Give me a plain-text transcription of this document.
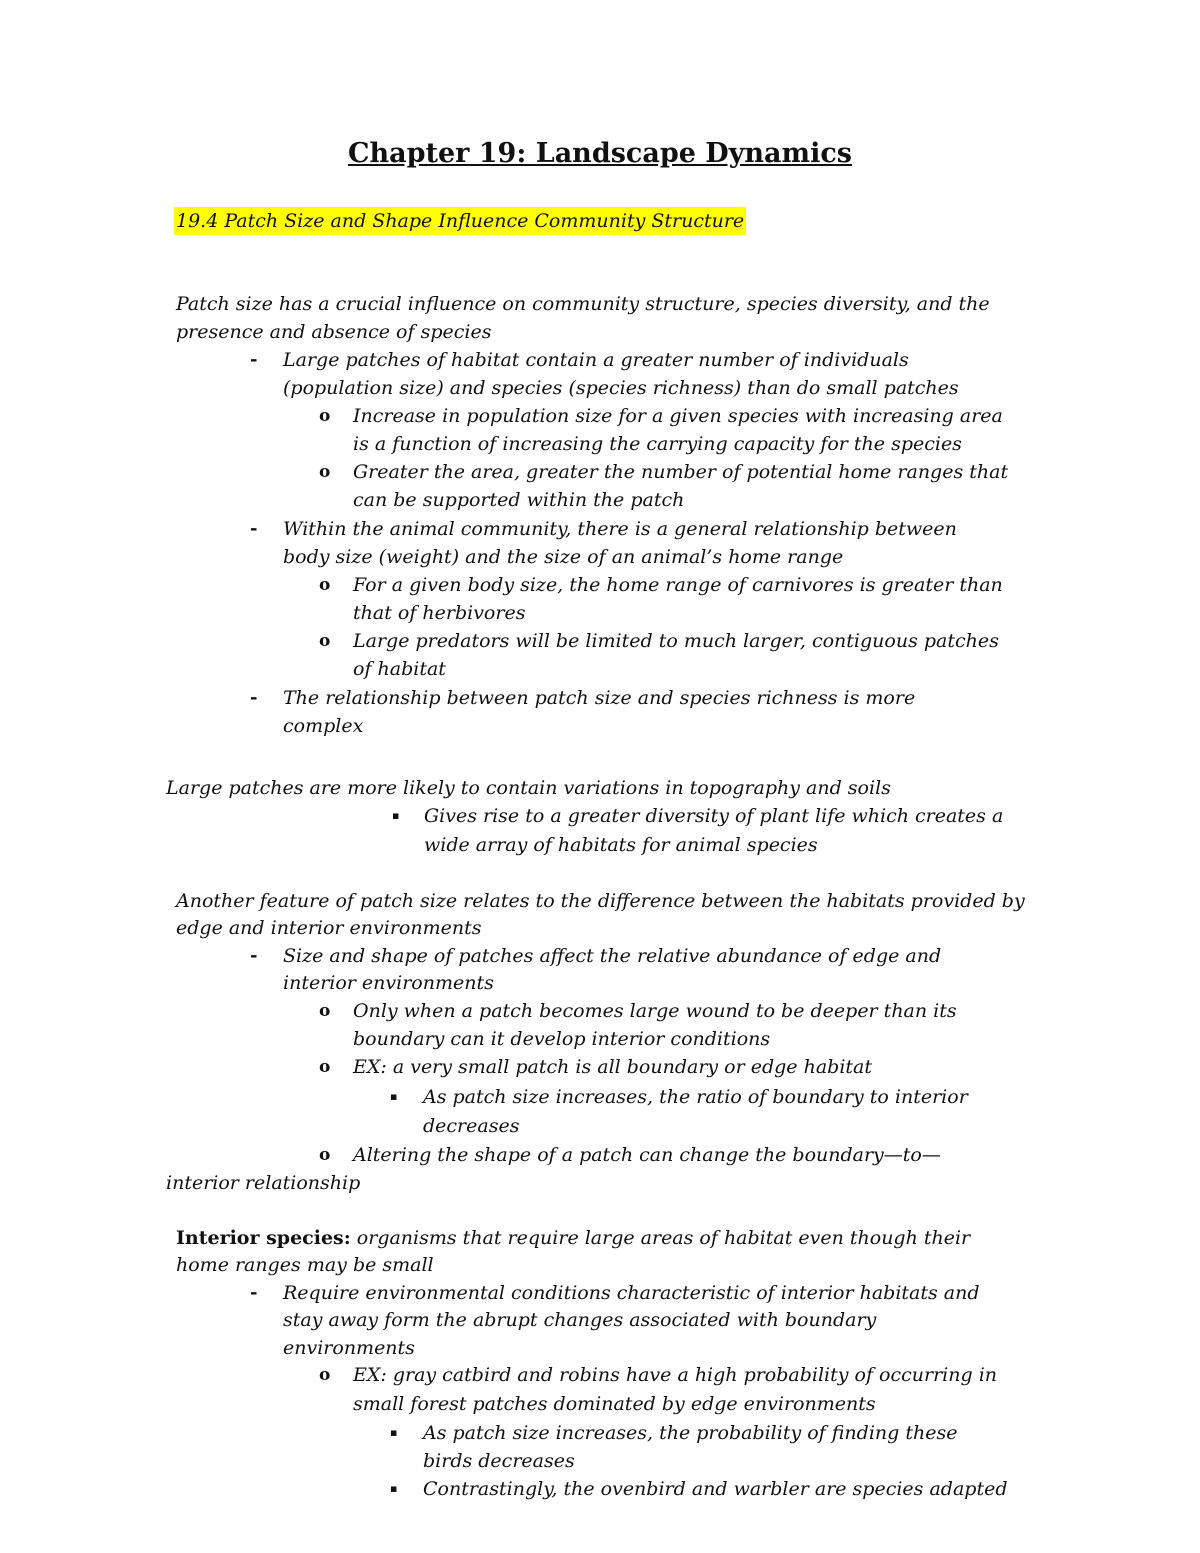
Chapter 19: Landscape Dynamics

19.4 Patch Size and Shape Influence Community Structure

Patch size has a crucial influence on community structure, species diversity, and the

presence and absence of species

- Large patches of habitat contain a greater number of individuals

(population size) and species (species richness) than do small patches

o Increase in population size for a given species with increasing area

is a function of increasing the carrying capacity for the species

o Greater the area, greater the number of potential home ranges that

can be supported within the patch

- Within the animal community, there is a general relationship between

body size (weight) and the size of an animal’s home range

o For a given body size, the home range of carnivores is greater than

that of herbivores

o Large predators will be limited to much larger, contiguous patches

of habitat

- The relationship between patch size and species richness is more

complex

Large patches are more likely to contain variations in topography and soils

▪ Gives rise to a greater diversity of plant life which creates a

wide array of habitats for animal species

Another feature of patch size relates to the difference between the habitats provided by

edge and interior environments

- Size and shape of patches affect the relative abundance of edge and

interior environments

o Only when a patch becomes large wound to be deeper than its

boundary can it develop interior conditions

o EX: a very small patch is all boundary or edge habitat

▪ As patch size increases, the ratio of boundary to interior

decreases

o Altering the shape of a patch can change the boundary—to—

interior relationship

Interior species: organisms that require large areas of habitat even though their

home ranges may be small

- Require environmental conditions characteristic of interior habitats and

stay away form the abrupt changes associated with boundary

environments

o EX: gray catbird and robins have a high probability of occurring in

small forest patches dominated by edge environments

▪ As patch size increases, the probability of finding these

birds decreases

▪ Contrastingly, the ovenbird and warbler are species adapted
